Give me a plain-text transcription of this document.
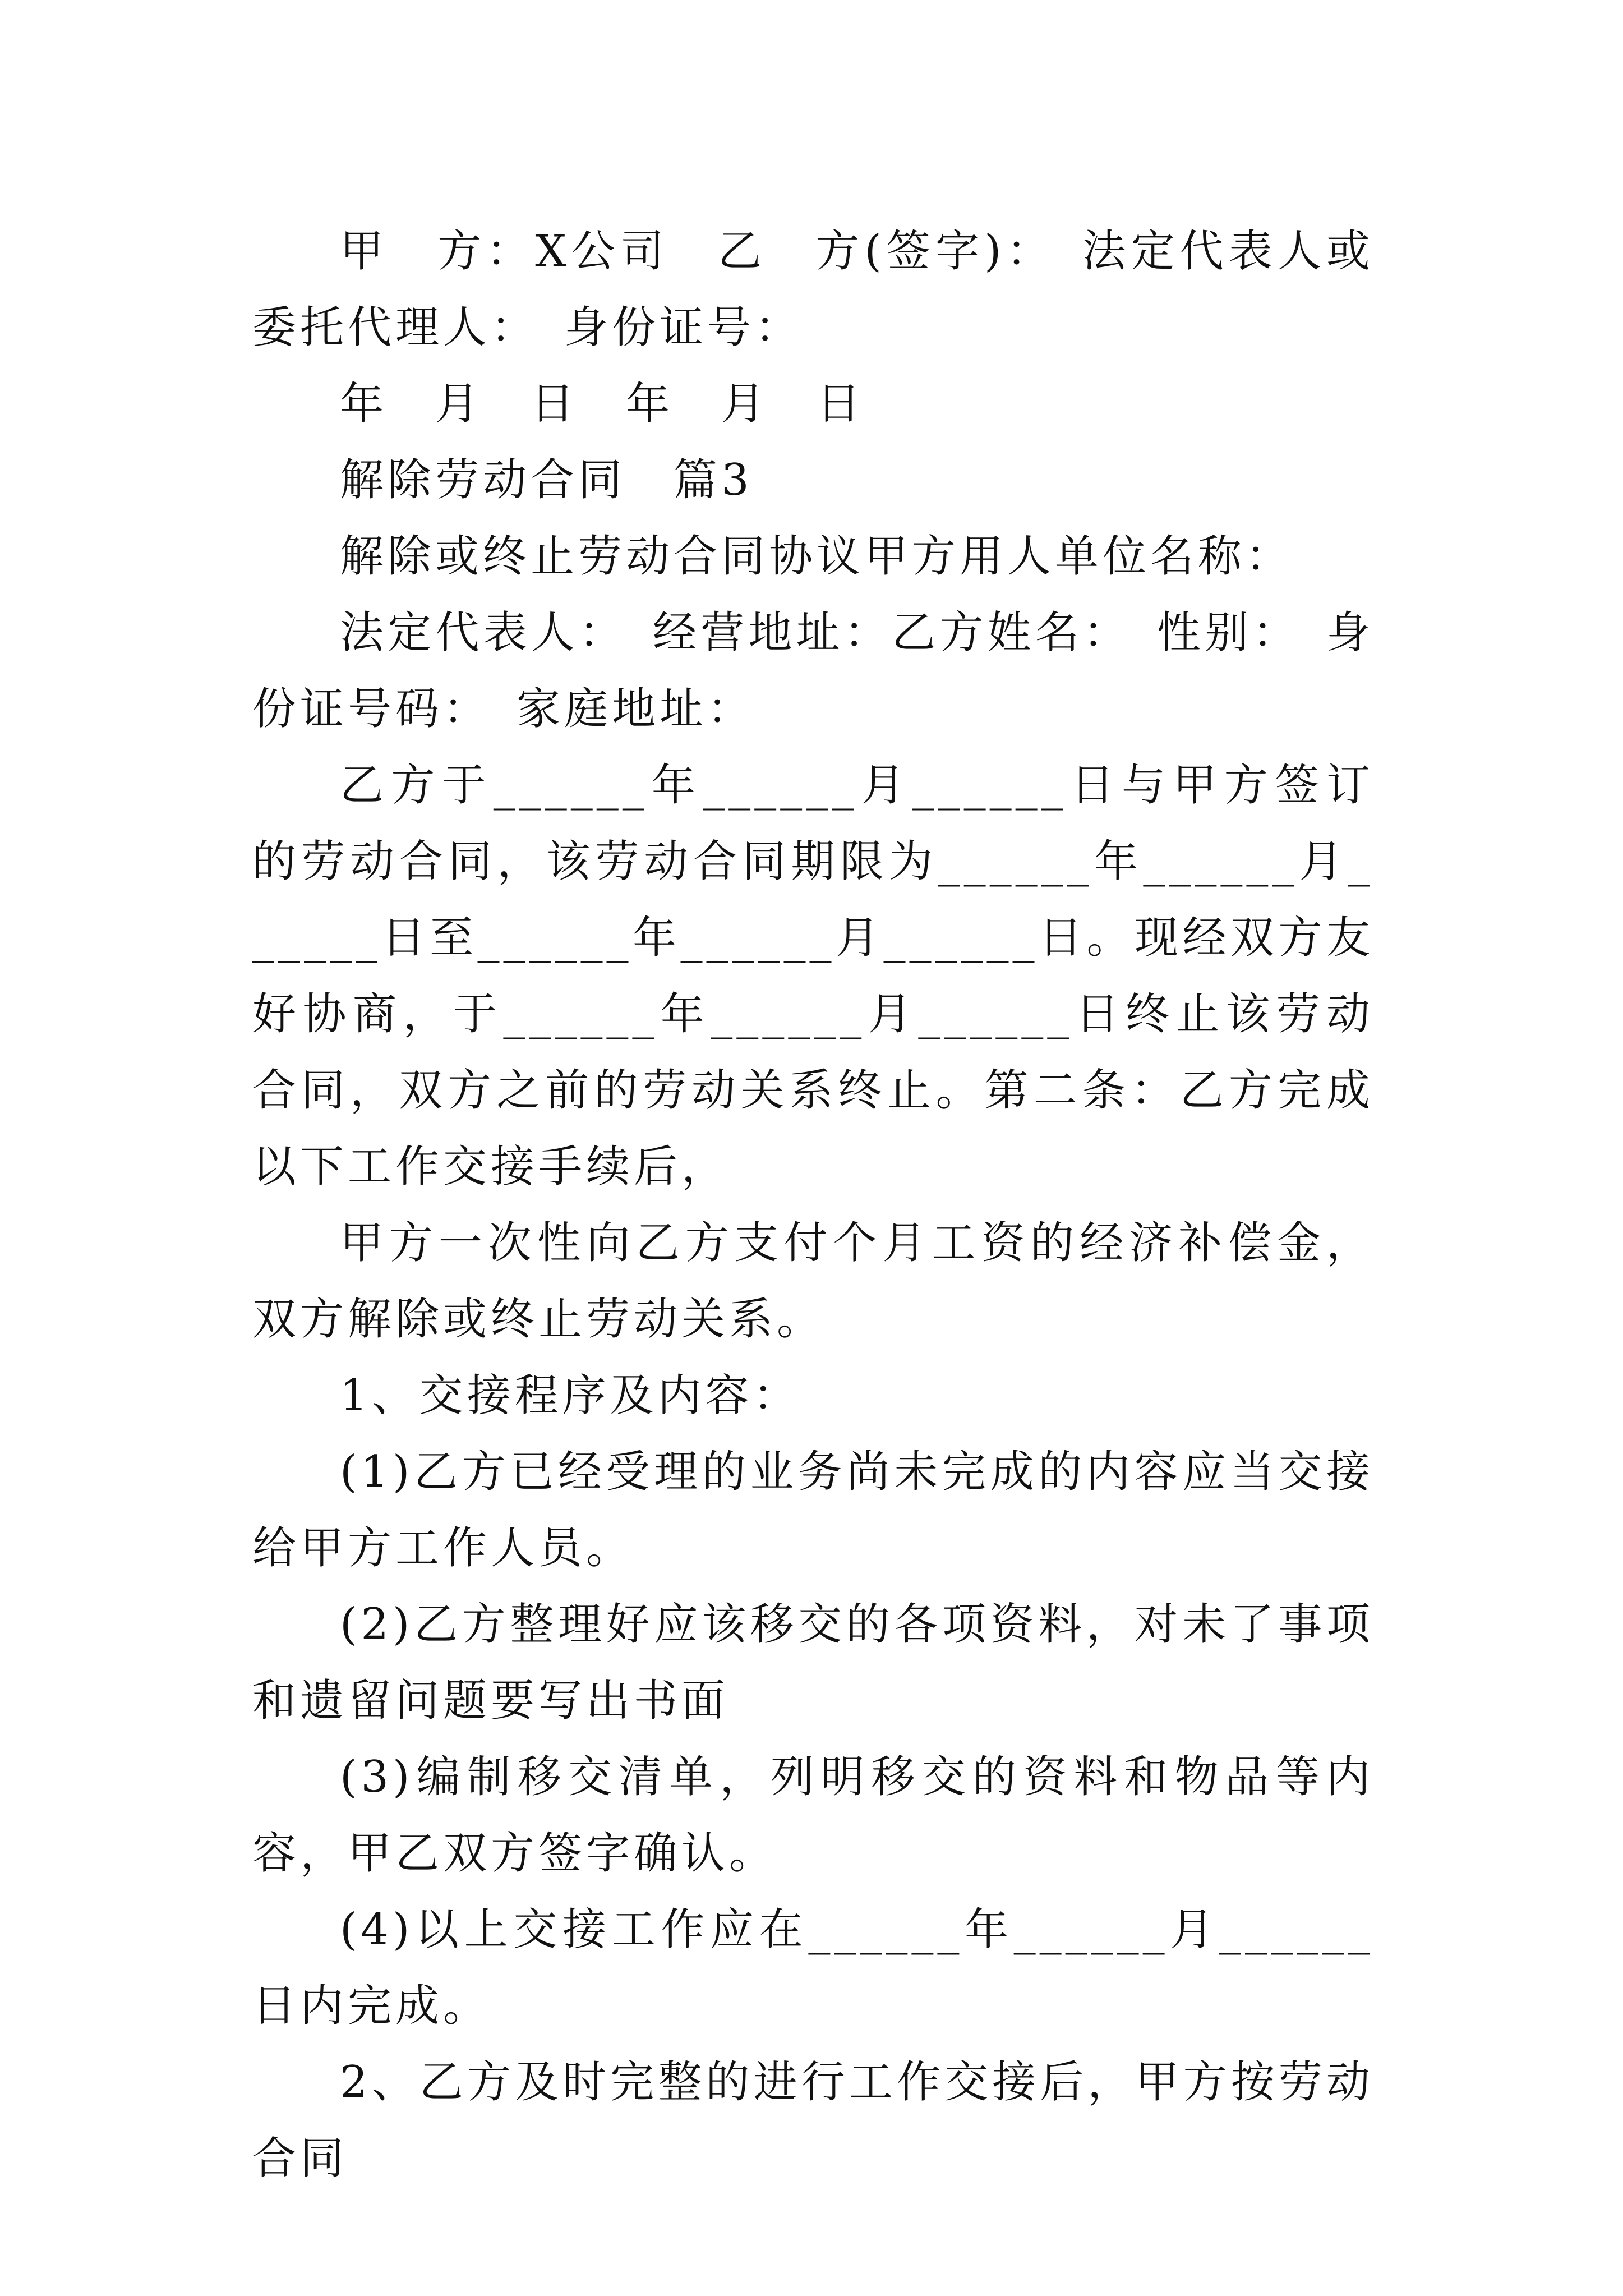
甲　方：X公司　乙　方(签字)：　法定代表人或委托代理人：　身份证号：

年　月　日　年　月　日

解除劳动合同　篇3

解除或终止劳动合同协议甲方用人单位名称：

法定代表人：　经营地址：乙方姓名：　性别：　身份证号码：　家庭地址：

乙方于______年______月______日与甲方签订的劳动合同，该劳动合同期限为______年______月______日至______年______月______日。现经双方友好协商，于______年______月______日终止该劳动合同，双方之前的劳动关系终止。第二条：乙方完成以下工作交接手续后，

甲方一次性向乙方支付个月工资的经济补偿金，双方解除或终止劳动关系。

1、交接程序及内容：

(1)乙方已经受理的业务尚未完成的内容应当交接给甲方工作人员。

(2)乙方整理好应该移交的各项资料，对未了事项和遗留问题要写出书面

(3)编制移交清单，列明移交的资料和物品等内容，甲乙双方签字确认。

(4)以上交接工作应在______年______月______日内完成。

2、乙方及时完整的进行工作交接后，甲方按劳动合同
